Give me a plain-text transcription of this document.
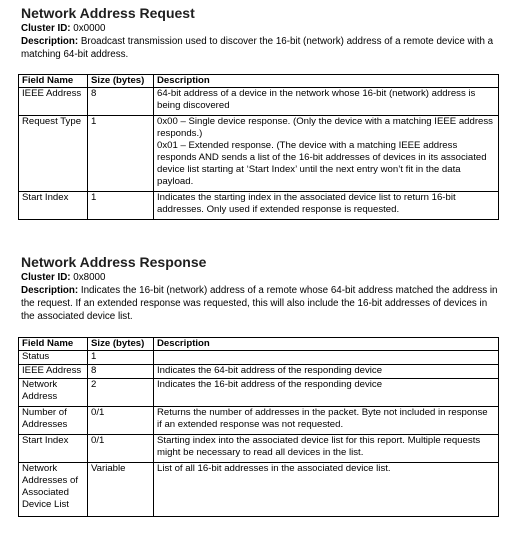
Network Address Request

Cluster ID: 0x0000

Description: Broadcast transmission used to discover the 16-bit (network) address of a remote device with a matching 64-bit address.

Field Name	Size (bytes)	Description
IEEE Address	8	64-bit address of a device in the network whose 16-bit (network) address is being discovered

Request Type	1	0x00 – Single device response. (Only the device with a matching IEEE address responds.)

0x01 – Extended response. (The device with a matching IEEE address responds AND sends a list of the 16-bit addresses of devices in its associated device list starting at ‘Start Index’ until the next entry won’t fit in the data payload.

Start Index	1	Indicates the starting index in the associated device list to return 16-bit addresses. Only used if extended response is requested.

Network Address Response

Cluster ID: 0x8000

Description: Indicates the 16-bit (network) address of a remote whose 64-bit address matched the address in the request. If an extended response was requested, this will also include the 16-bit addresses of devices in the associated device list.

Field Name	Size (bytes)	Description
Status	1	
IEEE Address	8	Indicates the 64-bit address of the responding device
Network Address	2	Indicates the 16-bit address of the responding device
Number of Addresses	0/1	Returns the number of addresses in the packet. Byte not included in response if an extended response was not requested.
Start Index	0/1	Starting index into the associated device list for this report. Multiple requests might be necessary to read all devices in the list.
Network Addresses of Associated Device List	Variable	List of all 16-bit addresses in the associated device list.
